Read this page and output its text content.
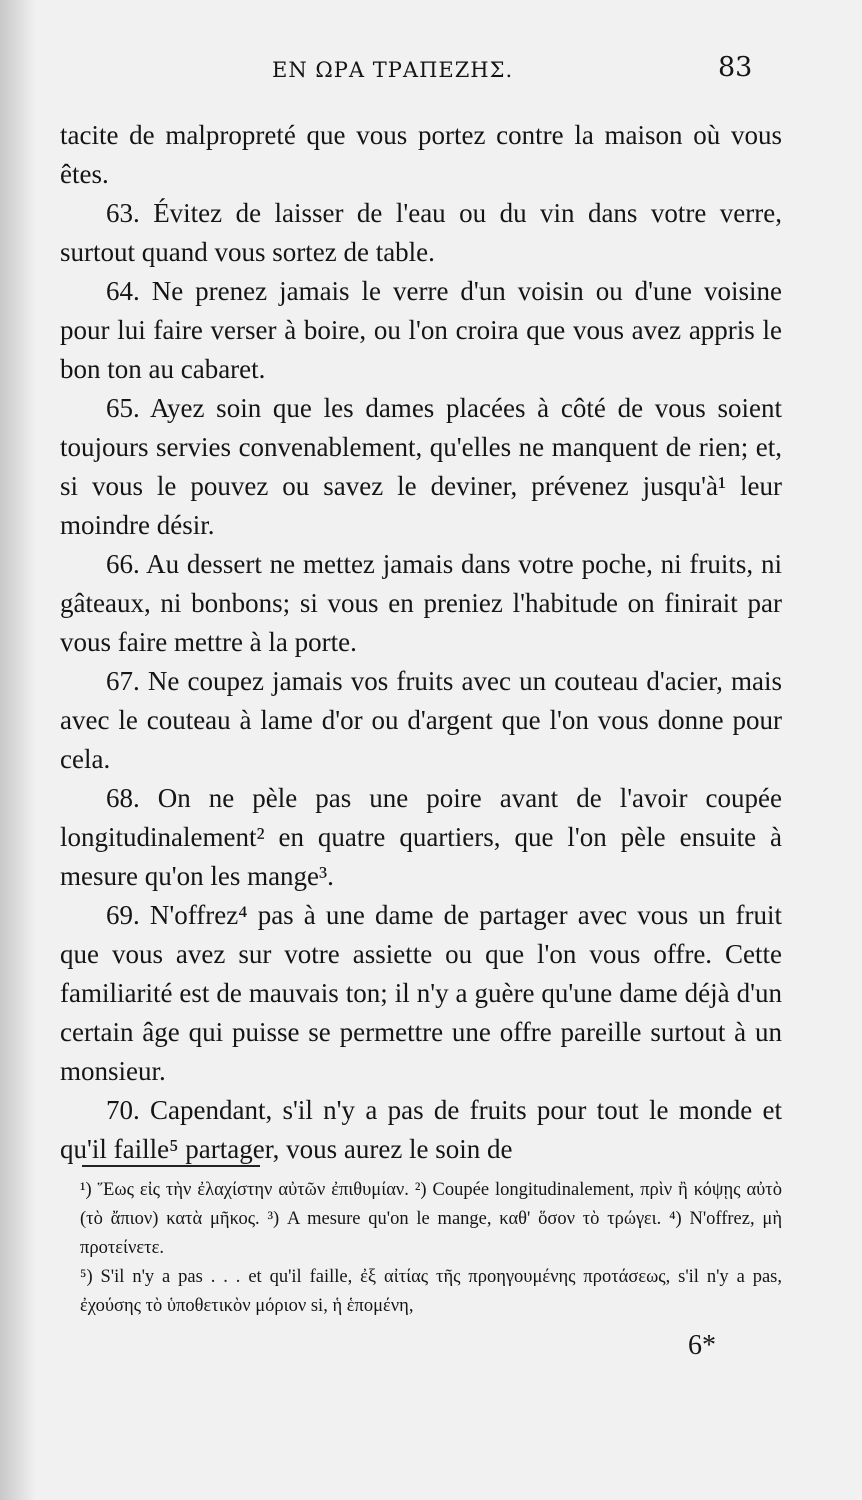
ΕΝ ΩΡΑ ΤΡΑΠΕΖΗΣ.	83

tacite de malpropreté que vous portez contre la maison où vous êtes.

63. Évitez de laisser de l'eau ou du vin dans votre verre, surtout quand vous sortez de table.

64. Ne prenez jamais le verre d'un voisin ou d'une voisine pour lui faire verser à boire, ou l'on croira que vous avez appris le bon ton au cabaret.

65. Ayez soin que les dames placées à côté de vous soient toujours servies convenablement, qu'elles ne manquent de rien; et, si vous le pouvez ou savez le deviner, prévenez jusqu'à¹ leur moindre désir.

66. Au dessert ne mettez jamais dans votre poche, ni fruits, ni gâteaux, ni bonbons; si vous en preniez l'habitude on finirait par vous faire mettre à la porte.

67. Ne coupez jamais vos fruits avec un couteau d'acier, mais avec le couteau à lame d'or ou d'argent que l'on vous donne pour cela.

68. On ne pèle pas une poire avant de l'avoir coupée longitudinalement² en quatre quartiers, que l'on pèle ensuite à mesure qu'on les mange³.

69. N'offrez⁴ pas à une dame de partager avec vous un fruit que vous avez sur votre assiette ou que l'on vous offre. Cette familiarité est de mauvais ton; il n'y a guère qu'une dame déjà d'un certain âge qui puisse se permettre une offre pareille surtout à un monsieur.

70. Capendant, s'il n'y a pas de fruits pour tout le monde et qu'il faille⁵ partager, vous aurez le soin de

¹) Ἕως εἰς τὴν ἐλαχίστην αὐτῶν ἐπιθυμίαν. ²) Coupée longitudinalement, πρὶν ἢ κόψῃς αὐτὸ (τὸ ἄπιον) κατὰ μῆκος. ³) A mesure qu'on le mange, καθ' ὅσον τὸ τρώγει. ⁴) N'offrez, μὴ προτείνετε.

⁵) S'il n'y a pas . . . et qu'il faille, ἐξ αἰτίας τῆς προηγουμένης προτάσεως, s'il n'y a pas, ἐχούσης τὸ ὑποθετικὸν μόριον si, ἡ ἑπομένη,

6*
